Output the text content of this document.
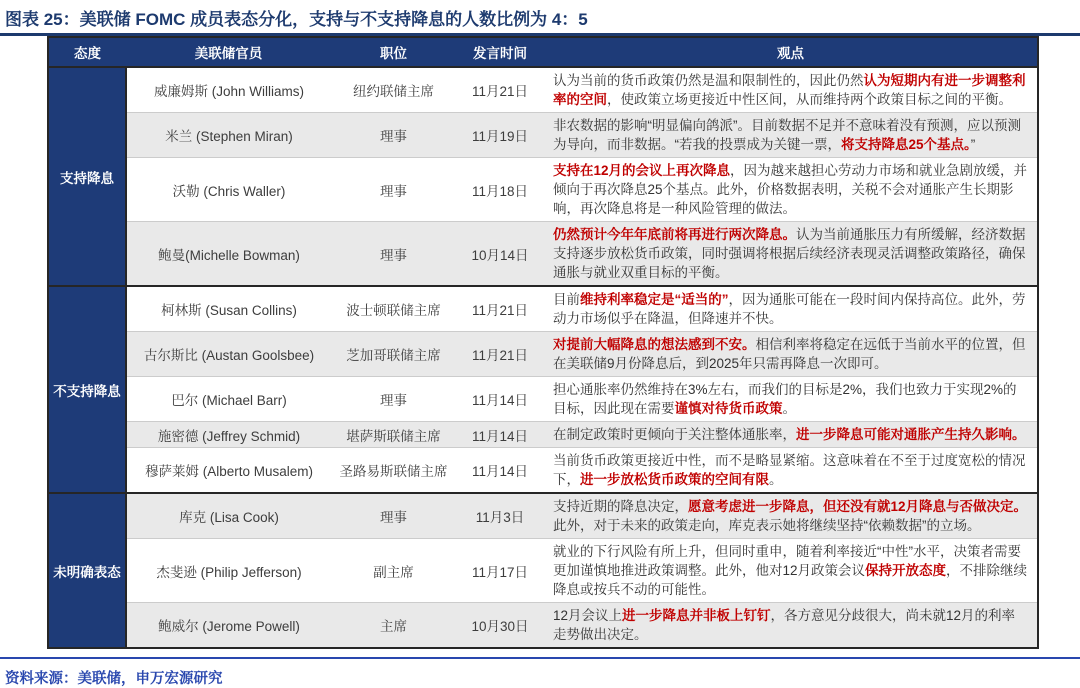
图表 25：美联储 FOMC 成员表态分化，支持与不支持降息的人数比例为 4：5
态度	美联储官员	职位	发言时间	观点
支持降息	威廉姆斯 (John Williams)	纽约联储主席	11月21日	认为当前的货币政策仍然是温和限制性的，因此仍然认为短期内有进一步调整利率的空间，使政策立场更接近中性区间，从而维持两个政策目标之间的平衡。
	米兰 (Stephen Miran)	理事	11月19日	非农数据的影响“明显偏向鸽派”。目前数据不足并不意味着没有预测，应以预测为导向，而非数据。“若我的投票成为关键一票，将支持降息25个基点。”
	沃勒 (Chris Waller)	理事	11月18日	支持在12月的会议上再次降息，因为越来越担心劳动力市场和就业急剧放缓，并倾向于再次降息25个基点。此外，价格数据表明，关税不会对通胀产生长期影响，再次降息将是一种风险管理的做法。
	鲍曼(Michelle Bowman)	理事	10月14日	仍然预计今年年底前将再进行两次降息。认为当前通胀压力有所缓解，经济数据支持逐步放松货币政策，同时强调将根据后续经济表现灵活调整政策路径，确保通胀与就业双重目标的平衡。
不支持降息	柯林斯 (Susan Collins)	波士顿联储主席	11月21日	目前维持利率稳定是“适当的”，因为通胀可能在一段时间内保持高位。此外，劳动力市场似乎在降温，但降速并不快。
	古尔斯比 (Austan Goolsbee)	芝加哥联储主席	11月21日	对提前大幅降息的想法感到不安。相信利率将稳定在远低于当前水平的位置，但在美联储9月份降息后，到2025年只需再降息一次即可。
	巴尔 (Michael Barr)	理事	11月14日	担心通胀率仍然维持在3%左右，而我们的目标是2%，我们也致力于实现2%的目标，因此现在需要谨慎对待货币政策。
	施密德 (Jeffrey Schmid)	堪萨斯联储主席	11月14日	在制定政策时更倾向于关注整体通胀率，进一步降息可能对通胀产生持久影响。
	穆萨莱姆 (Alberto Musalem)	圣路易斯联储主席	11月14日	当前货币政策更接近中性，而不是略显紧缩。这意味着在不至于过度宽松的情况下，进一步放松货币政策的空间有限。
未明确表态	库克 (Lisa Cook)	理事	11月3日	支持近期的降息决定，愿意考虑进一步降息，但还没有就12月降息与否做决定。此外，对于未来的政策走向，库克表示她将继续坚持“依赖数据”的立场。
	杰斐逊 (Philip Jefferson)	副主席	11月17日	就业的下行风险有所上升，但同时重申，随着利率接近“中性”水平，决策者需要更加谨慎地推进政策调整。此外，他对12月政策会议保持开放态度，不排除继续降息或按兵不动的可能性。
	鲍威尔 (Jerome Powell)	主席	10月30日	12月会议上进一步降息并非板上钉钉，各方意见分歧很大，尚未就12月的利率走势做出决定。
资料来源：美联储，申万宏源研究
